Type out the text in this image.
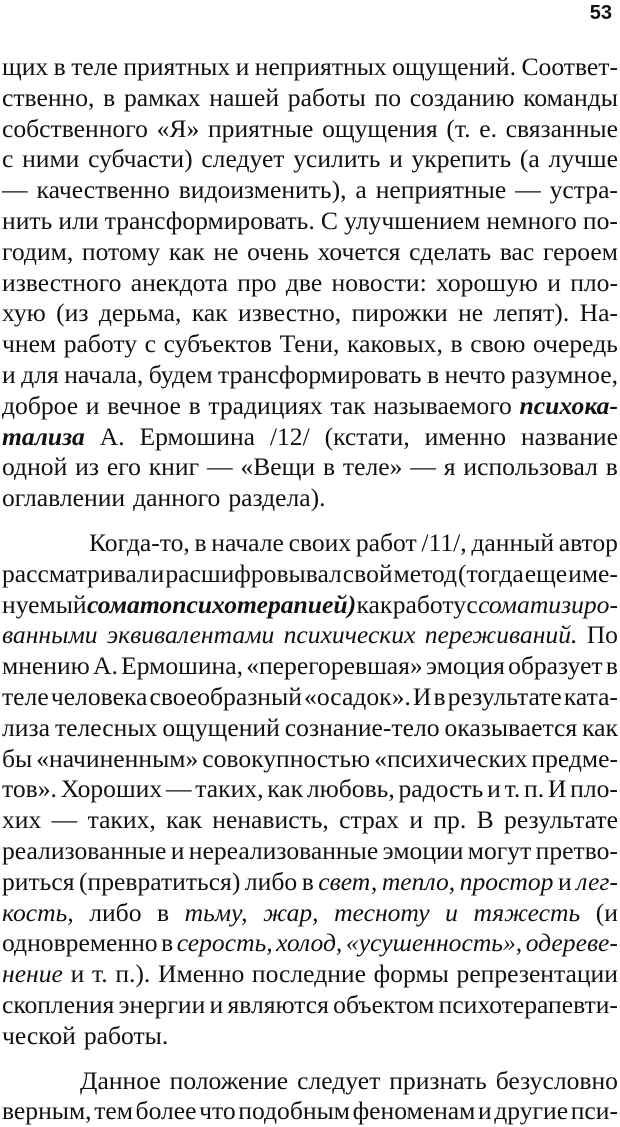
53
щих в теле приятных и неприятных ощущений. Соответ-
ственно, в рамках нашей работы по созданию команды
собственного «Я» приятные ощущения (т. е. связанные
с ними субчасти) следует усилить и укрепить (а лучше
— качественно видоизменить), а неприятные — устра-
нить или трансформировать. С улучшением немного по-
годим, потому как не очень хочется сделать вас героем
известного анекдота про две новости: хорошую и пло-
хую (из дерьма, как известно, пирожки не лепят). На-
чнем работу с субъектов Тени, каковых, в свою очередь
и для начала, будем трансформировать в нечто разумное,
доброе и вечное в традициях так называемого психока-
тализа А. Ермошина /12/ (кстати, именно название
одной из его книг — «Вещи в теле» — я использовал в
оглавлении данного раздела).
Когда-то, в начале своих работ /11/, данный автор
рассматривал и расшифровывал свой метод (тогда еще име-
нуемый соматопсихотерапией) как работу с соматизиро-
ванными эквивалентами психических переживаний. По
мнению А. Ермошина, «перегоревшая» эмоция образует в
теле человека своеобразный «осадок». И в результате ката-
лиза телесных ощущений сознание-тело оказывается как
бы «начиненным» совокупностью «психических предме-
тов». Хороших — таких, как любовь, радость и т. п. И пло-
хих — таких, как ненависть, страх и пр. В результате
реализованные и нереализованные эмоции могут претво-
риться (превратиться) либо в свет, тепло, простор и лег-
кость, либо в тьму, жар, тесноту и тяжесть (и
одновременно в серость, холод, «усушенность», одереве-
нение и т. п.). Именно последние формы репрезентации
скопления энергии и являются объектом психотерапевти-
ческой работы.
Данное положение следует признать безусловно
верным, тем более что подобным феноменам и другие пси-
